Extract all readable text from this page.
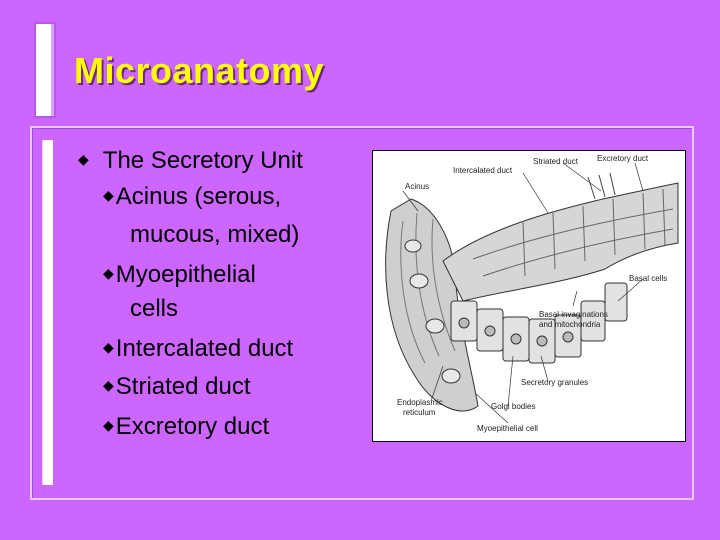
Microanatomy
◆ The Secretory Unit
◆Acinus (serous,
mucous, mixed)
◆Myoepithelial
cells
◆Intercalated duct
◆Striated duct
◆Excretory duct
Striated duct Excretory duct
Intercalated duct
Acinus
Basal cells
Basal invaginations
and mitochondria
Secretory granules
Endoplasmic
reticulum
Golgi bodies
Myoepithelial cell
